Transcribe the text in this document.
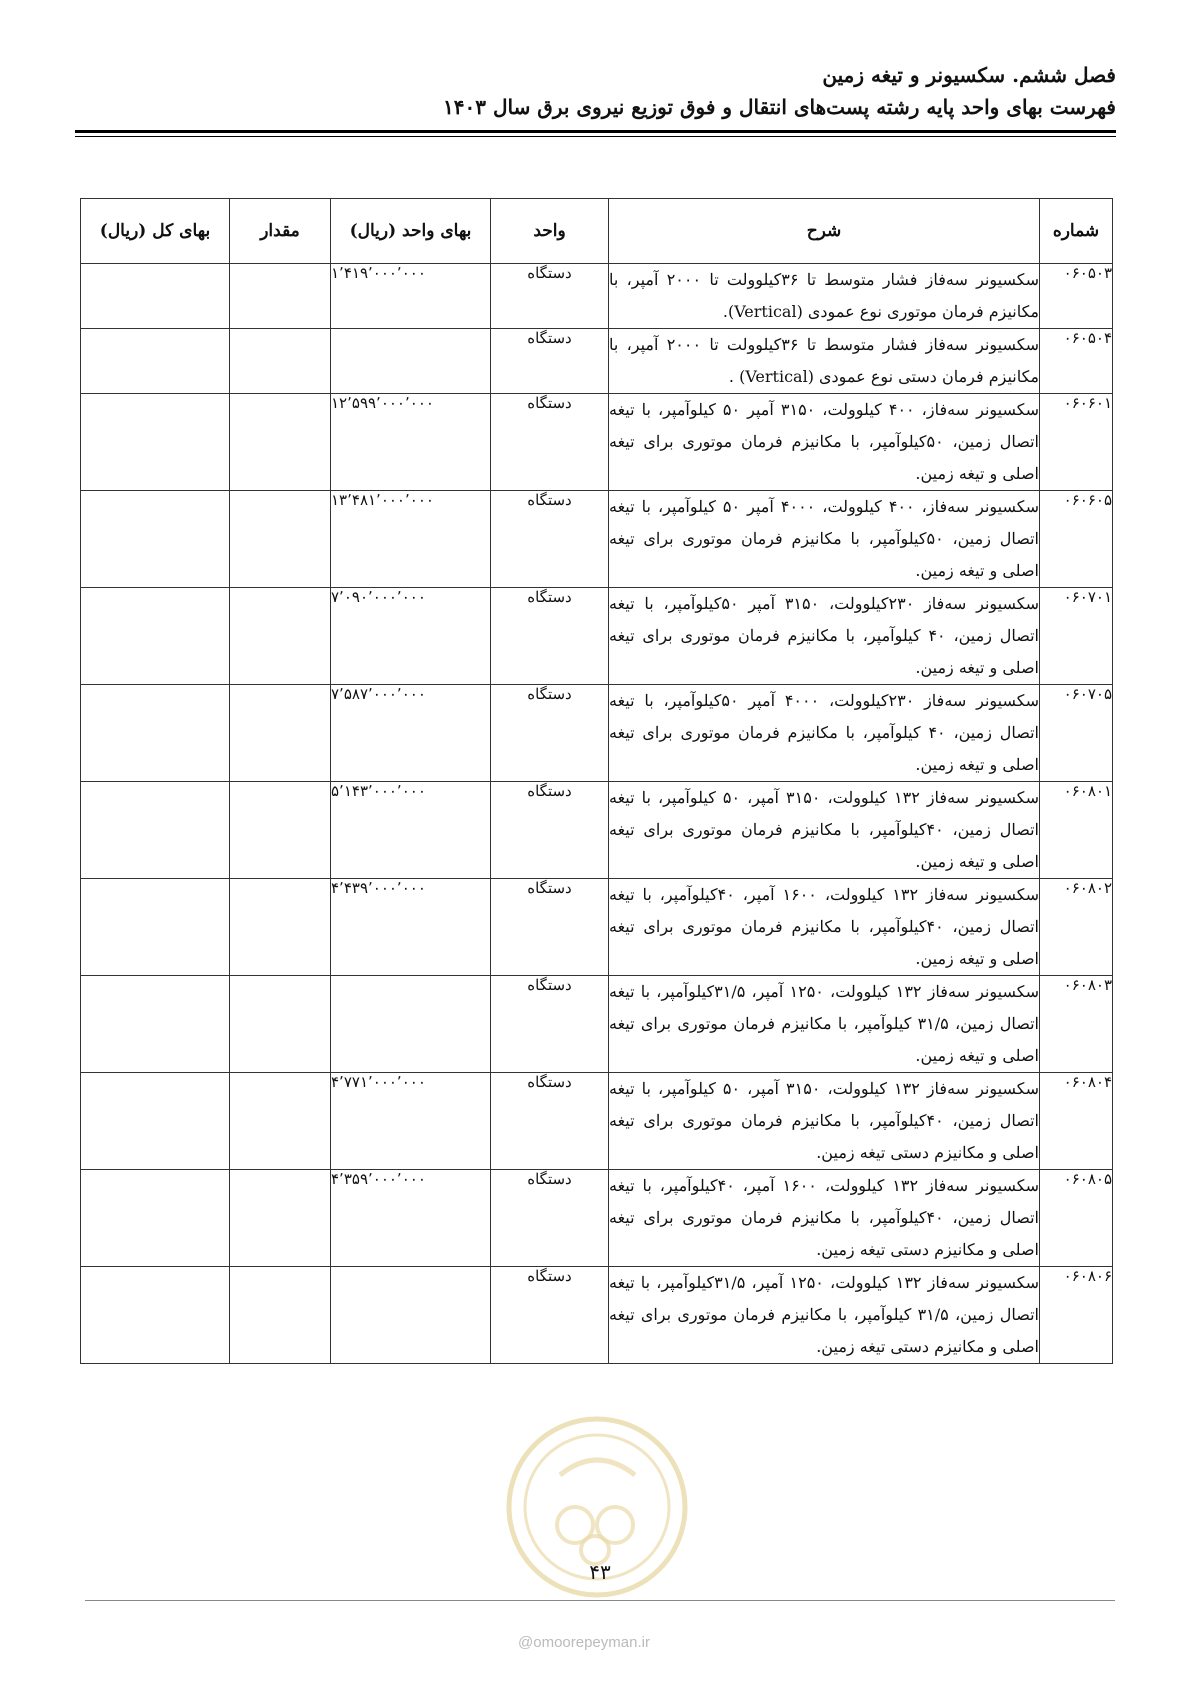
فصل ششم. سکسیونر و تیغه زمین
فهرست بهای واحد پایه رشته پست‌های انتقال و فوق توزیع نیروی برق سال ۱۴۰۳
شماره	شرح	واحد	بهای واحد (ریال)	مقدار	بهای کل (ریال)
۰۶۰۵۰۳	سکسیونر سه‌فاز فشار متوسط تا ۳۶کیلوولت تا ۲۰۰۰ آمپر، با مکانیزم فرمان موتوری نوع عمودی (Vertical).	دستگاه	۱٬۴۱۹٬۰۰۰٬۰۰۰		
۰۶۰۵۰۴	سکسیونر سه‌فاز فشار متوسط تا ۳۶کیلوولت تا ۲۰۰۰ آمپر، با مکانیزم فرمان دستی نوع عمودی (Vertical) .	دستگاه			
۰۶۰۶۰۱	سکسیونر سه‌فاز، ۴۰۰ کیلوولت، ۳۱۵۰ آمپر ۵۰ کیلوآمپر، با تیغه اتصال زمین، ۵۰کیلوآمپر، با مکانیزم فرمان موتوری برای تیغه اصلی و تیغه زمین.	دستگاه	۱۲٬۵۹۹٬۰۰۰٬۰۰۰		
۰۶۰۶۰۵	سکسیونر سه‌فاز، ۴۰۰ کیلوولت، ۴۰۰۰ آمپر ۵۰ کیلوآمپر، با تیغه اتصال زمین، ۵۰کیلوآمپر، با مکانیزم فرمان موتوری برای تیغه اصلی و تیغه زمین.	دستگاه	۱۳٬۴۸۱٬۰۰۰٬۰۰۰		
۰۶۰۷۰۱	سکسیونر سه‌فاز ۲۳۰کیلوولت، ۳۱۵۰ آمپر ۵۰کیلوآمپر، با تیغه اتصال زمین، ۴۰ کیلوآمپر، با مکانیزم فرمان موتوری برای تیغه اصلی و تیغه زمین.	دستگاه	۷٬۰۹۰٬۰۰۰٬۰۰۰		
۰۶۰۷۰۵	سکسیونر سه‌فاز ۲۳۰کیلوولت، ۴۰۰۰ آمپر ۵۰کیلوآمپر، با تیغه اتصال زمین، ۴۰ کیلوآمپر، با مکانیزم فرمان موتوری برای تیغه اصلی و تیغه زمین.	دستگاه	۷٬۵۸۷٬۰۰۰٬۰۰۰		
۰۶۰۸۰۱	سکسیونر سه‌فاز ۱۳۲ کیلوولت، ۳۱۵۰ آمپر، ۵۰ کیلوآمپر، با تیغه اتصال زمین، ۴۰کیلوآمپر، با مکانیزم فرمان موتوری برای تیغه اصلی و تیغه زمین.	دستگاه	۵٬۱۴۳٬۰۰۰٬۰۰۰		
۰۶۰۸۰۲	سکسیونر سه‌فاز ۱۳۲ کیلوولت، ۱۶۰۰ آمپر، ۴۰کیلوآمپر، با تیغه اتصال زمین، ۴۰کیلوآمپر، با مکانیزم فرمان موتوری برای تیغه اصلی و تیغه زمین.	دستگاه	۴٬۴۳۹٬۰۰۰٬۰۰۰		
۰۶۰۸۰۳	سکسیونر سه‌فاز ۱۳۲ کیلوولت، ۱۲۵۰ آمپر، ۳۱/۵کیلوآمپر، با تیغه اتصال زمین، ۳۱/۵ کیلوآمپر، با مکانیزم فرمان موتوری برای تیغه اصلی و تیغه زمین.	دستگاه			
۰۶۰۸۰۴	سکسیونر سه‌فاز ۱۳۲ کیلوولت، ۳۱۵۰ آمپر، ۵۰ کیلوآمپر، با تیغه اتصال زمین، ۴۰کیلوآمپر، با مکانیزم فرمان موتوری برای تیغه اصلی و مکانیزم دستی تیغه زمین.	دستگاه	۴٬۷۷۱٬۰۰۰٬۰۰۰		
۰۶۰۸۰۵	سکسیونر سه‌فاز ۱۳۲ کیلوولت، ۱۶۰۰ آمپر، ۴۰کیلوآمپر، با تیغه اتصال زمین، ۴۰کیلوآمپر، با مکانیزم فرمان موتوری برای تیغه اصلی و مکانیزم دستی تیغه زمین.	دستگاه	۴٬۳۵۹٬۰۰۰٬۰۰۰		
۰۶۰۸۰۶	سکسیونر سه‌فاز ۱۳۲ کیلوولت، ۱۲۵۰ آمپر، ۳۱/۵کیلوآمپر، با تیغه اتصال زمین، ۳۱/۵ کیلوآمپر، با مکانیزم فرمان موتوری برای تیغه اصلی و مکانیزم دستی تیغه زمین.	دستگاه			
۴۳
@omoorepeyman.ir
